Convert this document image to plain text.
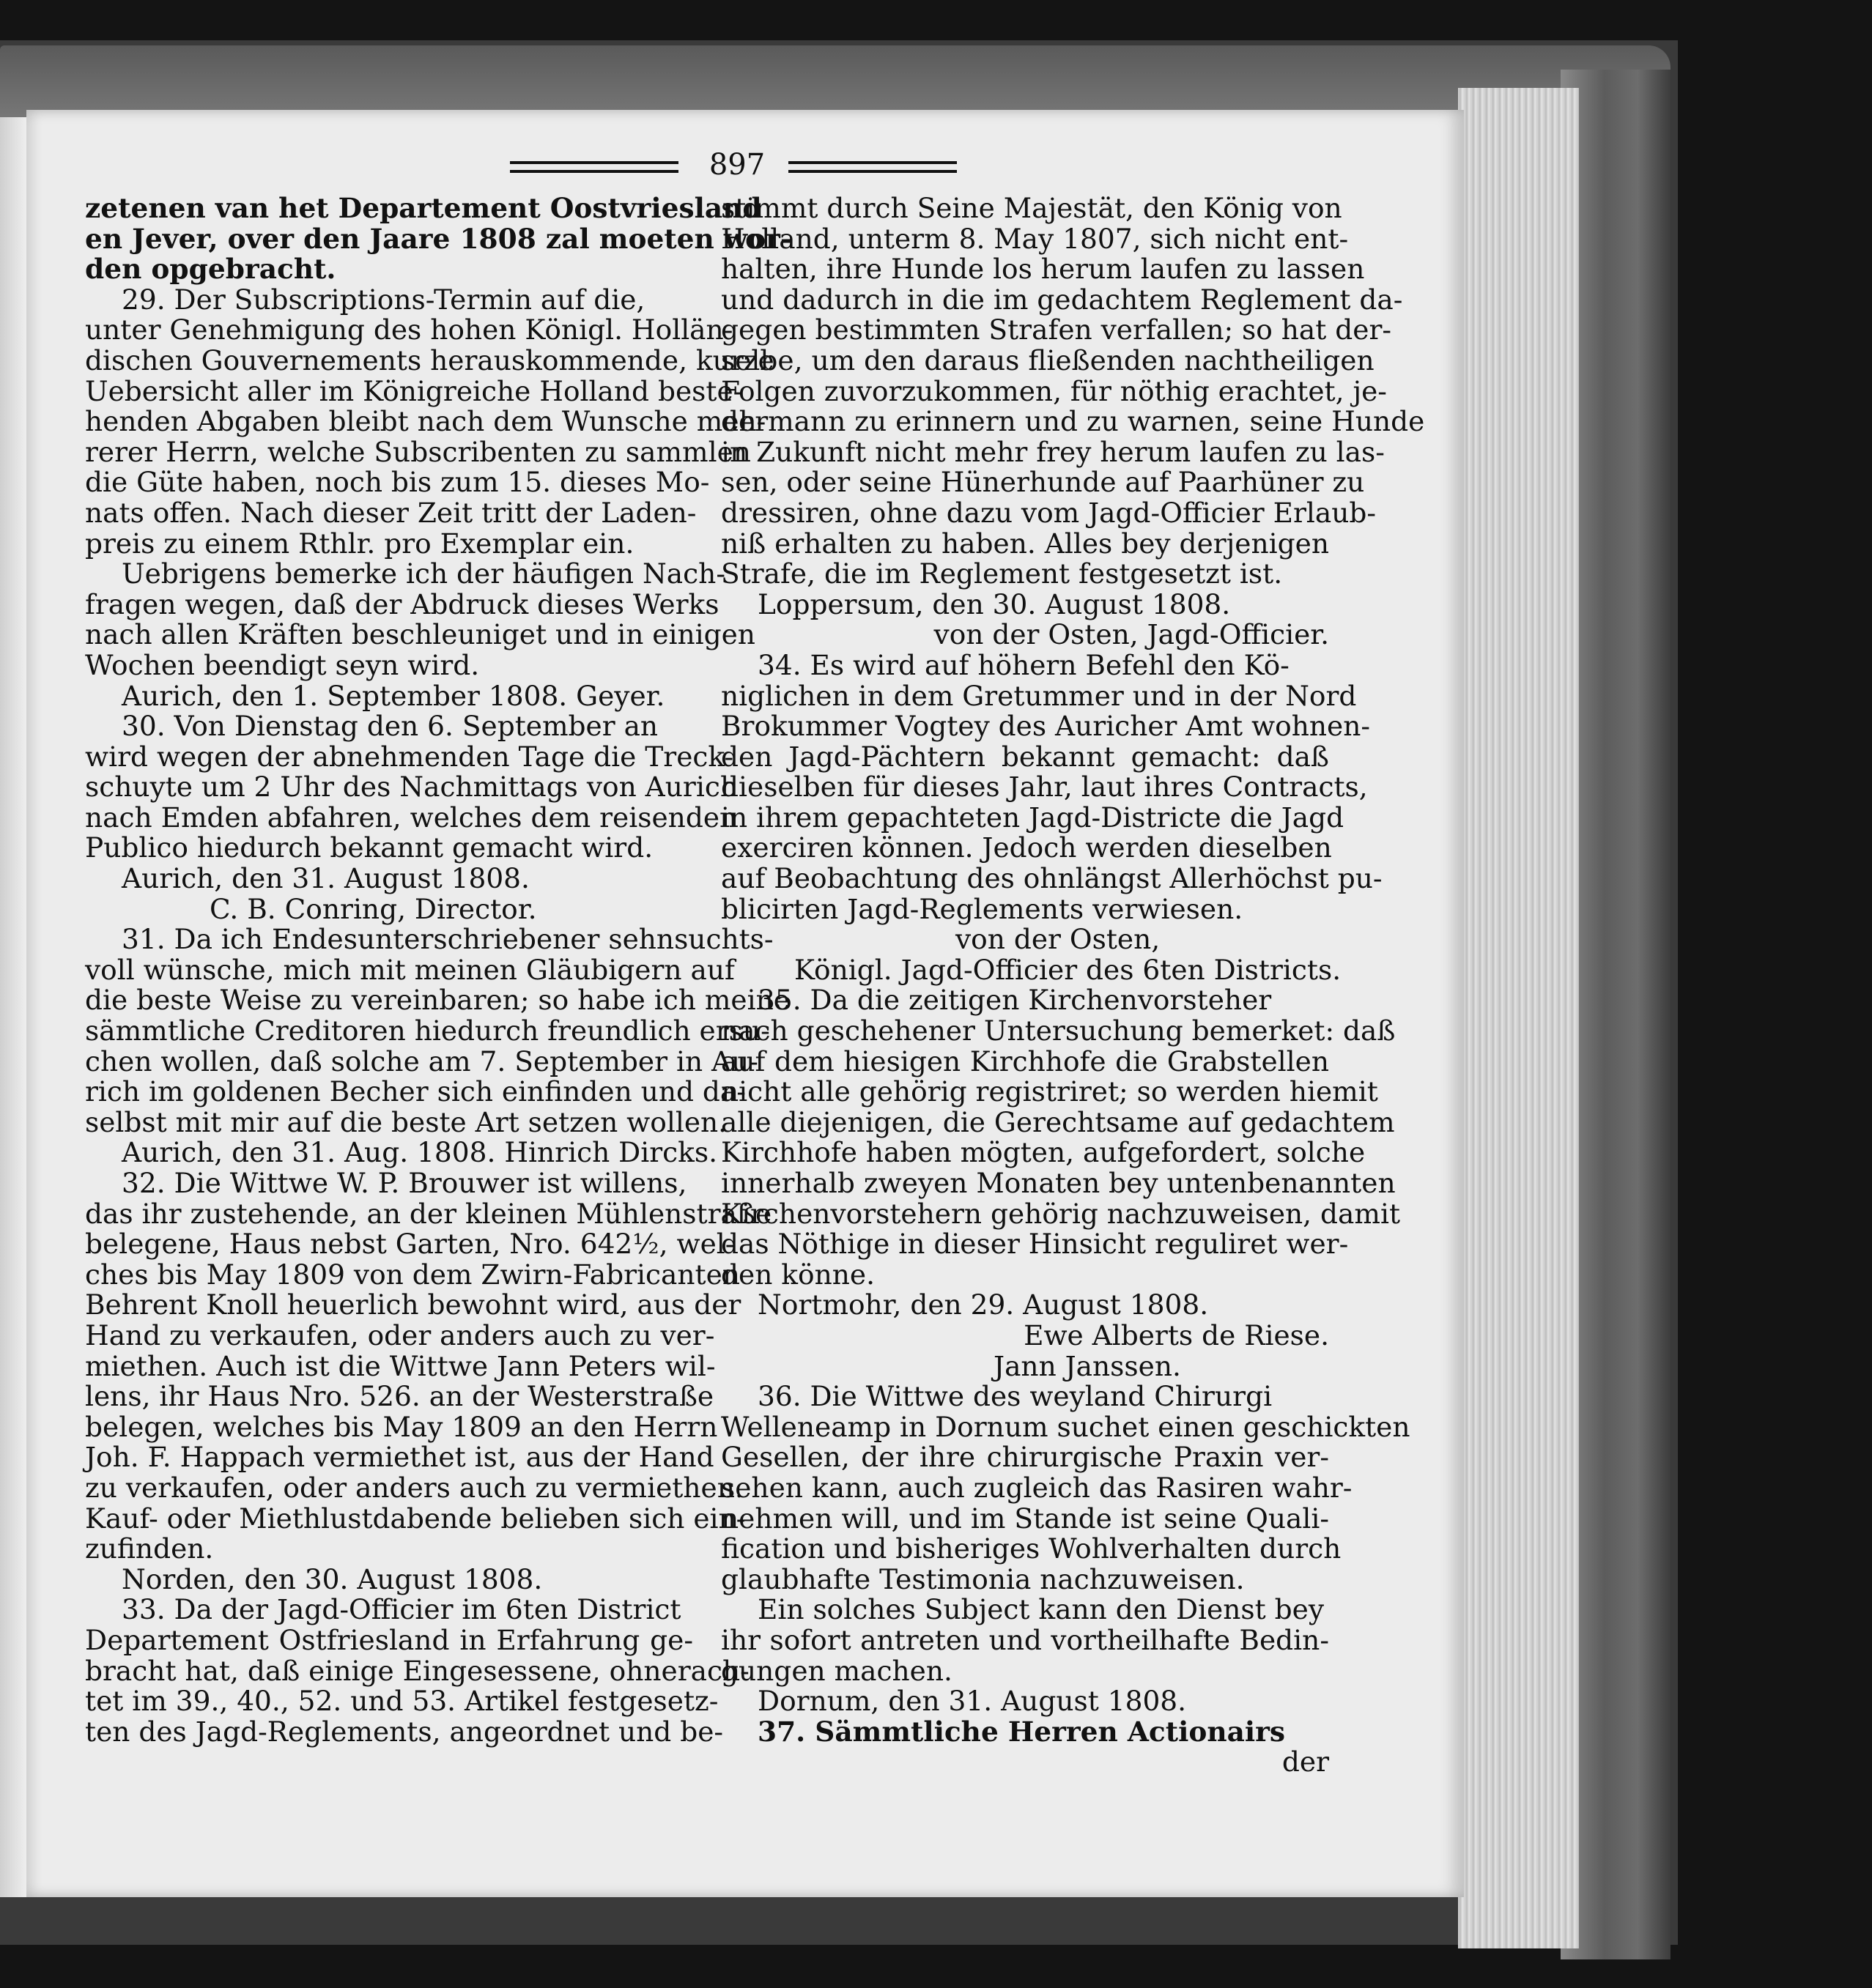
897
zetenen van het Departement Oostvriesland
en Jever, over den Jaare 1808 zal moeten wor-
den opgebracht.
29. Der Subscriptions-Termin auf die,
unter Genehmigung des hohen Königl. Hollän-
dischen Gouvernements herauskommende, kurze
Uebersicht aller im Königreiche Holland beste-
henden Abgaben bleibt nach dem Wunsche meh-
rerer Herrn, welche Subscribenten zu sammlen
die Güte haben, noch bis zum 15. dieses Mo-
nats offen. Nach dieser Zeit tritt der Laden-
preis zu einem Rthlr. pro Exemplar ein.
Uebrigens bemerke ich der häufigen Nach-
fragen wegen, daß der Abdruck dieses Werks
nach allen Kräften beschleuniget und in einigen
Wochen beendigt seyn wird.
Aurich, den 1. September 1808. Geyer.
30. Von Dienstag den 6. September an
wird wegen der abnehmenden Tage die Treck-
schuyte um 2 Uhr des Nachmittags von Aurich
nach Emden abfahren, welches dem reisenden
Publico hiedurch bekannt gemacht wird.
Aurich, den 31. August 1808.
C. B. Conring, Director.
31. Da ich Endesunterschriebener sehnsuchts-
voll wünsche, mich mit meinen Gläubigern auf
die beste Weise zu vereinbaren; so habe ich meine
sämmtliche Creditoren hiedurch freundlich ersu-
chen wollen, daß solche am 7. September in Au-
rich im goldenen Becher sich einfinden und da-
selbst mit mir auf die beste Art setzen wollen.
Aurich, den 31. Aug. 1808. Hinrich Dircks.
32. Die Wittwe W. P. Brouwer ist willens,
das ihr zustehende, an der kleinen Mühlenstraße
belegene, Haus nebst Garten, Nro. 642½, wel-
ches bis May 1809 von dem Zwirn-Fabricanten
Behrent Knoll heuerlich bewohnt wird, aus der
Hand zu verkaufen, oder anders auch zu ver-
miethen. Auch ist die Wittwe Jann Peters wil-
lens, ihr Haus Nro. 526. an der Westerstraße
belegen, welches bis May 1809 an den Herrn
Joh. F. Happach vermiethet ist, aus der Hand
zu verkaufen, oder anders auch zu vermiethen.
Kauf- oder Miethlustdabende belieben sich ein-
zufinden.
Norden, den 30. August 1808.
33. Da der Jagd-Officier im 6ten District
Departement Ostfriesland in Erfahrung ge-
bracht hat, daß einige Eingesessene, ohnerach-
tet im 39., 40., 52. und 53. Artikel festgesetz-
ten des Jagd-Reglements, angeordnet und be-
stimmt durch Seine Majestät, den König von
Holland, unterm 8. May 1807, sich nicht ent-
halten, ihre Hunde los herum laufen zu lassen
und dadurch in die im gedachtem Reglement da-
gegen bestimmten Strafen verfallen; so hat der-
selbe, um den daraus fließenden nachtheiligen
Folgen zuvorzukommen, für nöthig erachtet, je-
dermann zu erinnern und zu warnen, seine Hunde
in Zukunft nicht mehr frey herum laufen zu las-
sen, oder seine Hünerhunde auf Paarhüner zu
dressiren, ohne dazu vom Jagd-Officier Erlaub-
niß erhalten zu haben. Alles bey derjenigen
Strafe, die im Reglement festgesetzt ist.
Loppersum, den 30. August 1808.
von der Osten, Jagd-Officier.
34. Es wird auf höhern Befehl den Kö-
niglichen in dem Gretummer und in der Nord
Brokummer Vogtey des Auricher Amt wohnen-
den Jagd-Pächtern bekannt gemacht: daß
dieselben für dieses Jahr, laut ihres Contracts,
in ihrem gepachteten Jagd-Districte die Jagd
exerciren können. Jedoch werden dieselben
auf Beobachtung des ohnlängst Allerhöchst pu-
blicirten Jagd-Reglements verwiesen.
von der Osten,
Königl. Jagd-Officier des 6ten Districts.
35. Da die zeitigen Kirchenvorsteher
nach geschehener Untersuchung bemerket: daß
auf dem hiesigen Kirchhofe die Grabstellen
nicht alle gehörig registriret; so werden hiemit
alle diejenigen, die Gerechtsame auf gedachtem
Kirchhofe haben mögten, aufgefordert, solche
innerhalb zweyen Monaten bey untenbenannten
Kirchenvorstehern gehörig nachzuweisen, damit
das Nöthige in dieser Hinsicht reguliret wer-
den könne.
Nortmohr, den 29. August 1808.
Ewe Alberts de Riese.
Jann Janssen.
36. Die Wittwe des weyland Chirurgi
Welleneamp in Dornum suchet einen geschickten
Gesellen, der ihre chirurgische Praxin ver-
sehen kann, auch zugleich das Rasiren wahr-
nehmen will, und im Stande ist seine Quali-
fication und bisheriges Wohlverhalten durch
glaubhafte Testimonia nachzuweisen.
Ein solches Subject kann den Dienst bey
ihr sofort antreten und vortheilhafte Bedin-
gungen machen.
Dornum, den 31. August 1808.
37. Sämmtliche Herren Actionairs
der
